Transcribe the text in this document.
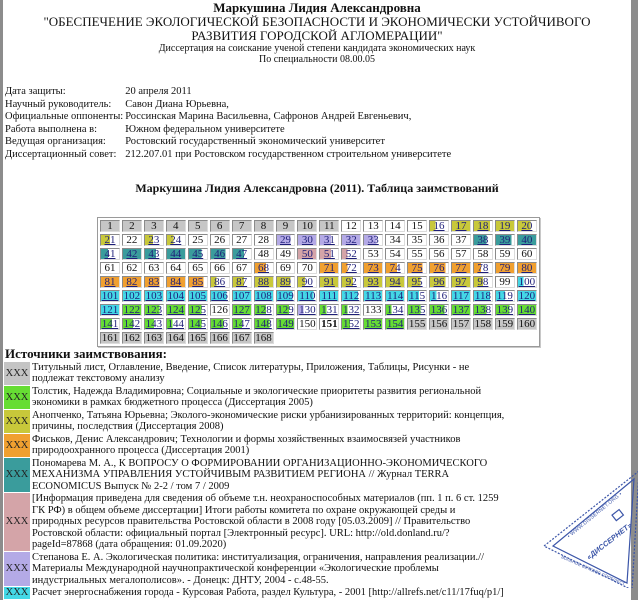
Маркушина Лидия Александровна
"ОБЕСПЕЧЕНИЕ ЭКОЛОГИЧЕСКОЙ БЕЗОПАСНОСТИ И ЭКОНОМИЧЕСКИ УСТОЙЧИВОГО РАЗВИТИЯ ГОРОДСКОЙ АГЛОМЕРАЦИИ"
Диссертация на соискание ученой степени кандидата экономических наук
По специальности 08.00.05
Дата защиты:	20 апреля 2011
Научный руководитель:	Савон Диана Юрьевна,
Официальные оппоненты:	Россинская Марина Васильевна, Сафронов Андрей Евгеньевич,
Работа выполнена в:	Южном федеральном университете
Ведущая организация:	Ростовский государственный экономический университет
Диссертационный совет:	212.207.01 при Ростовском государственном строительном университете
Маркушина Лидия Александровна (2011). Таблица заимствований
1	2	3	4	5	6	7	8	9	10	11	12	13	14	15	16	17	18	19	20
21	22	23	24	25	26	27	28	29	30	31	32	33	34	35	36	37	38	39	40
41	42	43	44	45	46	47	48	49	50	51	52	53	54	55	56	57	58	59	60
61	62	63	64	65	66	67	68	69	70	71	72	73	74	75	76	77	78	79	80
81	82	83	84	85	86	87	88	89	90	91	92	93	94	95	96	97	98	99	100
101	102	103	104	105	106	107	108	109	110	111	112	113	114	115	116	117	118	119	120
121	122	123	124	125	126	127	128	129	130	131	132	133	134	135	136	137	138	139	140
141	142	143	144	145	146	147	148	149	150	151	152	153	154	155	156	157	158	159	160
161	162	163	164	165	166	167	168												
Источники заимствования:
XXX	Титульный лист, Оглавление, Введение, Список литературы, Приложения, Таблицы, Рисунки - не подлежат текстовому анализу
XXX	Толстик, Надежда Владимировна; Социальные и экологические приоритеты развития региональной экономики в рамках бюджетного процесса (Диссертация 2005)
XXX	Анопченко, Татьяна Юрьевна; Эколого-экономические риски урбанизированных территорий: концепция, причины, последствия (Диссертация 2008)
XXX	Фиськов, Денис Александрович; Технологии и формы хозяйственных взаимосвязей участников природоохранного процесса (Диссертация 2001)
XXX	Пономарева М. А., К ВОПРОСУ О ФОРМИРОВАНИИ ОРГАНИЗАЦИОННО-ЭКОНОМИЧЕСКОГО МЕХАНИЗМА УПРАВЛЕНИЯ УСТОЙЧИВЫМ РАЗВИТИЕМ РЕГИОНА // Журнал TERRA ECONOMICUS Выпуск № 2-2 / том 7 / 2009
XXX	[Информация приведена для сведения об объеме т.н. неохраноспособных материалов (пп. 1 п. 6 ст. 1259 ГК РФ) в общем объеме диссертации] Итоги работы комитета по охране окружающей среды и природных ресурсов правительства Ростовской области в 2008 году [05.03.2009] // Правительство Ростовской области: официальный портал [Электронный ресурс]. URL: http://old.donland.ru/?pageId=87868 (дата обращения: 01.09.2020)
XXX	Степанова Е. А. Экологическая политика: институализация, ограничения, направления реализации.// Материалы Международной научнопрактической конференции «Экологические проблемы индустриальных мегалополисов». - Донецк: ДНТУ, 2004 - с.48-55.
XXX	Расчет энергоснабжения города - Курсовая Работа, раздел Культура, - 2001 [http://allrefs.net/c11/17fuq/p1/]
• WWW.DISSERNET.ORG •
ВОЛЬНОЕ СЕТЕВОЕ СООБЩЕСТ
«ДИССЕРНЕТ»
